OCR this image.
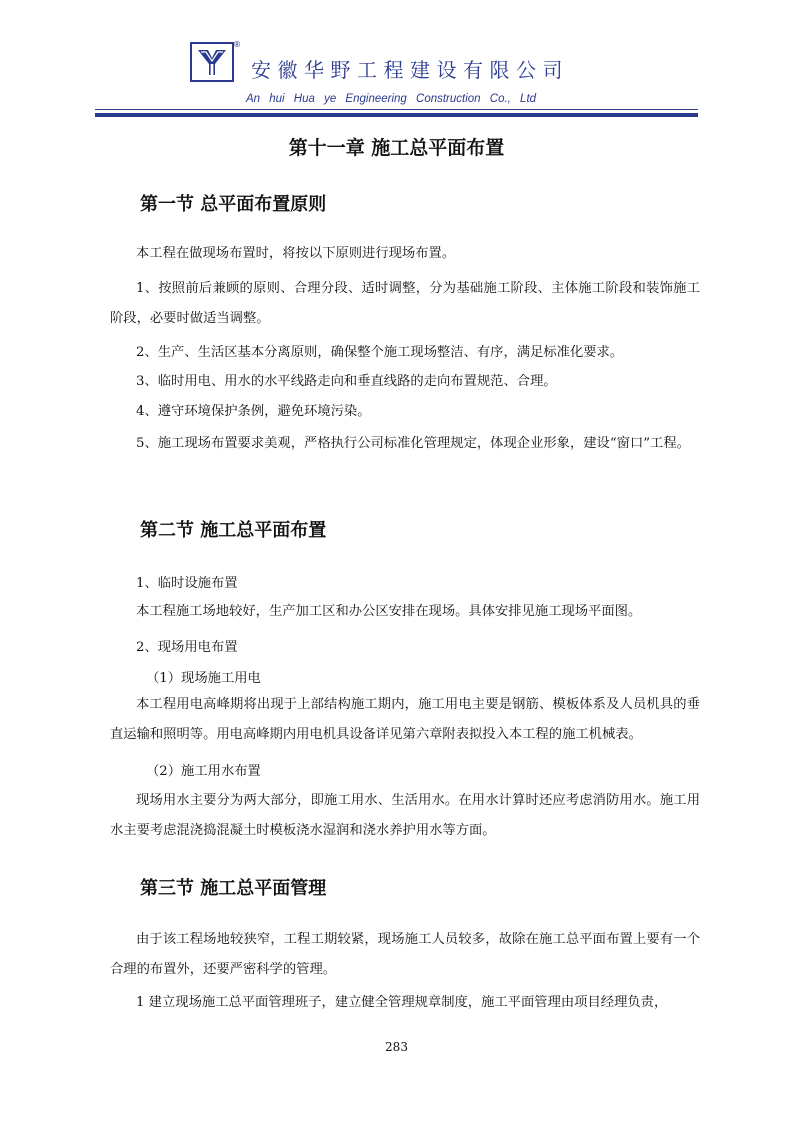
®
安徽华野工程建设有限公司
An hui Hua ye Engineering Construction Co., Ltd
第十一章 施工总平面布置
第一节 总平面布置原则
本工程在做现场布置时，将按以下原则进行现场布置。
1、按照前后兼顾的原则、合理分段、适时调整，分为基础施工阶段、主体施工阶段和装饰施工阶段，必要时做适当调整。
2、生产、生活区基本分离原则，确保整个施工现场整洁、有序，满足标准化要求。
3、临时用电、用水的水平线路走向和垂直线路的走向布置规范、合理。
4、遵守环境保护条例，避免环境污染。
5、施工现场布置要求美观，严格执行公司标准化管理规定，体现企业形象，建设“窗口”工程。
第二节 施工总平面布置
1、临时设施布置
本工程施工场地较好，生产加工区和办公区安排在现场。具体安排见施工现场平面图。
2、现场用电布置
（1）现场施工用电
本工程用电高峰期将出现于上部结构施工期内，施工用电主要是钢筋、模板体系及人员机具的垂直运输和照明等。用电高峰期内用电机具设备详见第六章附表拟投入本工程的施工机械表。
（2）施工用水布置
现场用水主要分为两大部分，即施工用水、生活用水。在用水计算时还应考虑消防用水。施工用水主要考虑混浇捣混凝土时模板浇水湿润和浇水养护用水等方面。
第三节 施工总平面管理
由于该工程场地较狭窄，工程工期较紧，现场施工人员较多，故除在施工总平面布置上要有一个合理的布置外，还要严密科学的管理。
1 建立现场施工总平面管理班子，建立健全管理规章制度，施工平面管理由项目经理负责，
283
